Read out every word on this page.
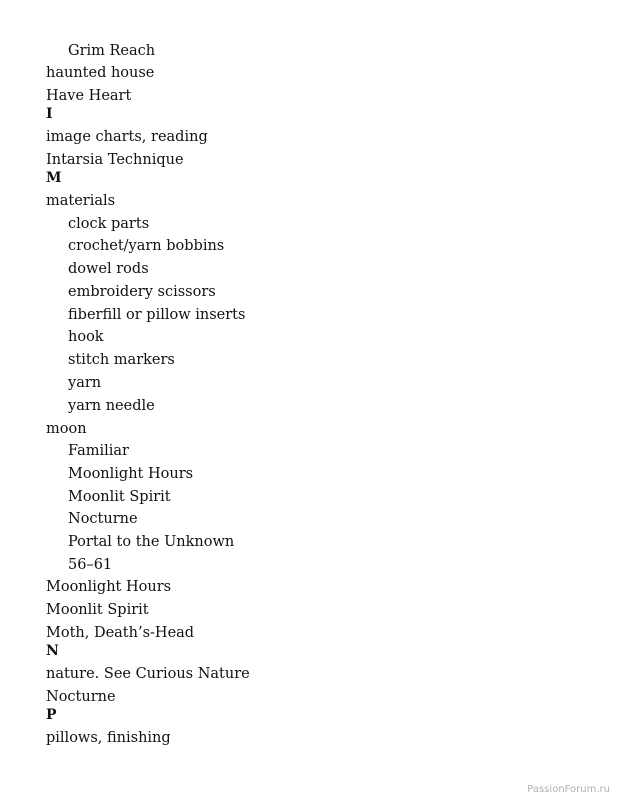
Grim Reach
haunted house
Have Heart
I
image charts, reading
Intarsia Technique
M
materials
clock parts
crochet/yarn bobbins
dowel rods
embroidery scissors
fiberfill or pillow inserts
hook
stitch markers
yarn
yarn needle
moon
Familiar
Moonlight Hours
Moonlit Spirit
Nocturne
Portal to the Unknown
56–61
Moonlight Hours
Moonlit Spirit
Moth, Death’s-Head
N
nature. See Curious Nature
Nocturne
P
pillows, finishing
PassionForum.ru
